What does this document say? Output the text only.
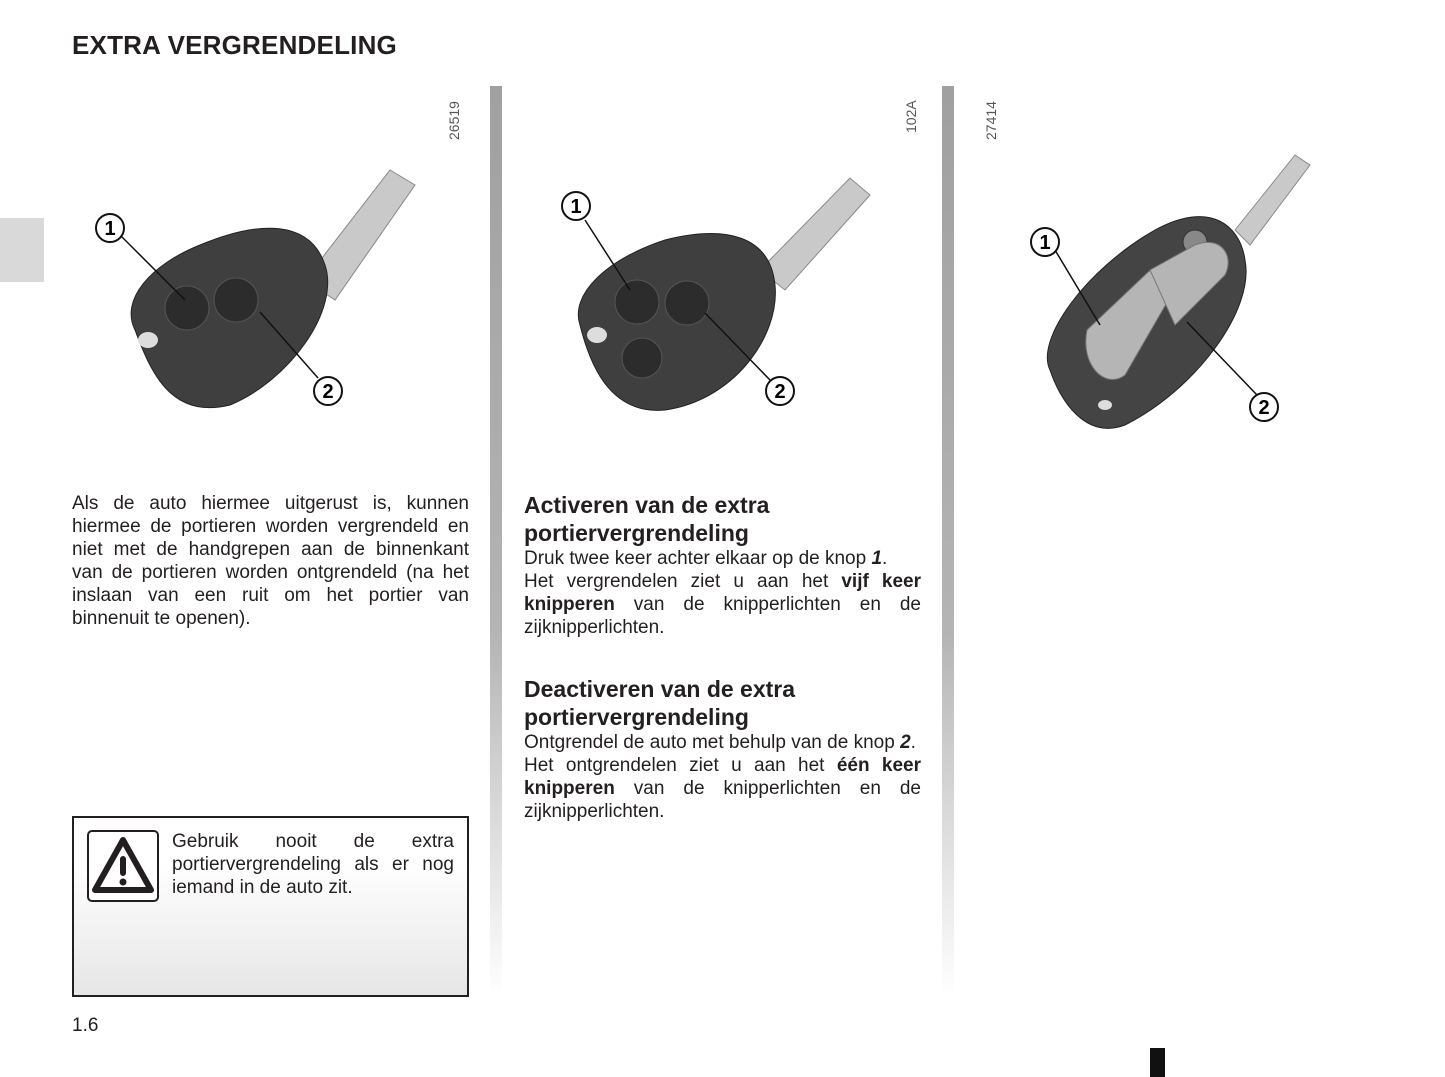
EXTRA VERGRENDELING
26519	102A	27414
1
2
1
2
1
2
Als de auto hiermee uitgerust is, kunnen hiermee de portieren worden vergrendeld en niet met de handgrepen aan de binnenkant van de portieren worden ontgrendeld (na het inslaan van een ruit om het portier van binnenuit te openen).
Gebruik nooit de extra portiervergrendeling als er nog iemand in de auto zit.
Activeren van de extra portiervergrendeling
Druk twee keer achter elkaar op de knop 1.
Het vergrendelen ziet u aan het vijf keer knipperen van de knipperlichten en de zijknipperlichten.
Deactiveren van de extra portiervergrendeling
Ontgrendel de auto met behulp van de knop 2.
Het ontgrendelen ziet u aan het één keer knipperen van de knipperlichten en de zijknipperlichten.
1.6
